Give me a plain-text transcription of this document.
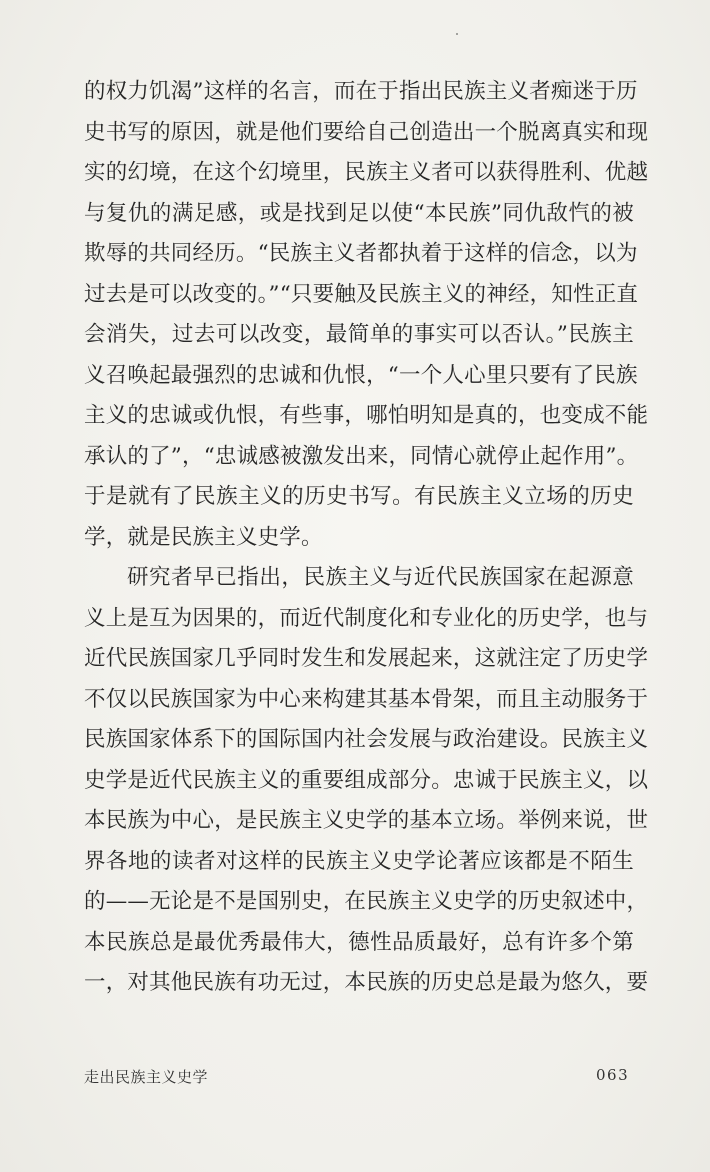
的权力饥渴”这样的名言，而在于指出民族主义者痴迷于历
史书写的原因，就是他们要给自己创造出一个脱离真实和现
实的幻境，在这个幻境里，民族主义者可以获得胜利、优越
与复仇的满足感，或是找到足以使“本民族”同仇敌忾的被
欺辱的共同经历。“民族主义者都执着于这样的信念，以为
过去是可以改变的。”“只要触及民族主义的神经，知性正直
会消失，过去可以改变，最简单的事实可以否认。”民族主
义召唤起最强烈的忠诚和仇恨，“一个人心里只要有了民族
主义的忠诚或仇恨，有些事，哪怕明知是真的，也变成不能
承认的了”，“忠诚感被激发出来，同情心就停止起作用”。
于是就有了民族主义的历史书写。有民族主义立场的历史
学，就是民族主义史学。
研究者早已指出，民族主义与近代民族国家在起源意
义上是互为因果的，而近代制度化和专业化的历史学，也与
近代民族国家几乎同时发生和发展起来，这就注定了历史学
不仅以民族国家为中心来构建其基本骨架，而且主动服务于
民族国家体系下的国际国内社会发展与政治建设。民族主义
史学是近代民族主义的重要组成部分。忠诚于民族主义，以
本民族为中心，是民族主义史学的基本立场。举例来说，世
界各地的读者对这样的民族主义史学论著应该都是不陌生
的——无论是不是国别史，在民族主义史学的历史叙述中，
本民族总是最优秀最伟大，德性品质最好，总有许多个第
一，对其他民族有功无过，本民族的历史总是最为悠久，要
走出民族主义史学	063
